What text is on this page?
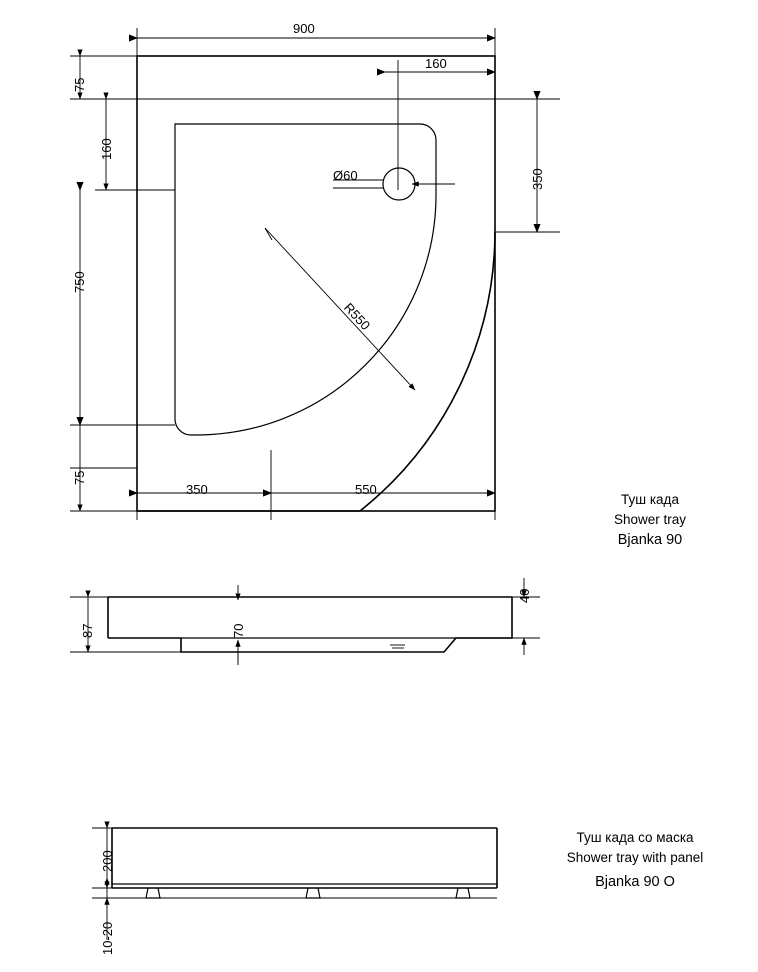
900
160
75
160
750
75
350
Ø60
R550
350	550
87	70
40
200
10-20
Туш када
Shower tray
Bjanka 90
Туш када со маска
Shower tray with panel
Bjanka 90 O
